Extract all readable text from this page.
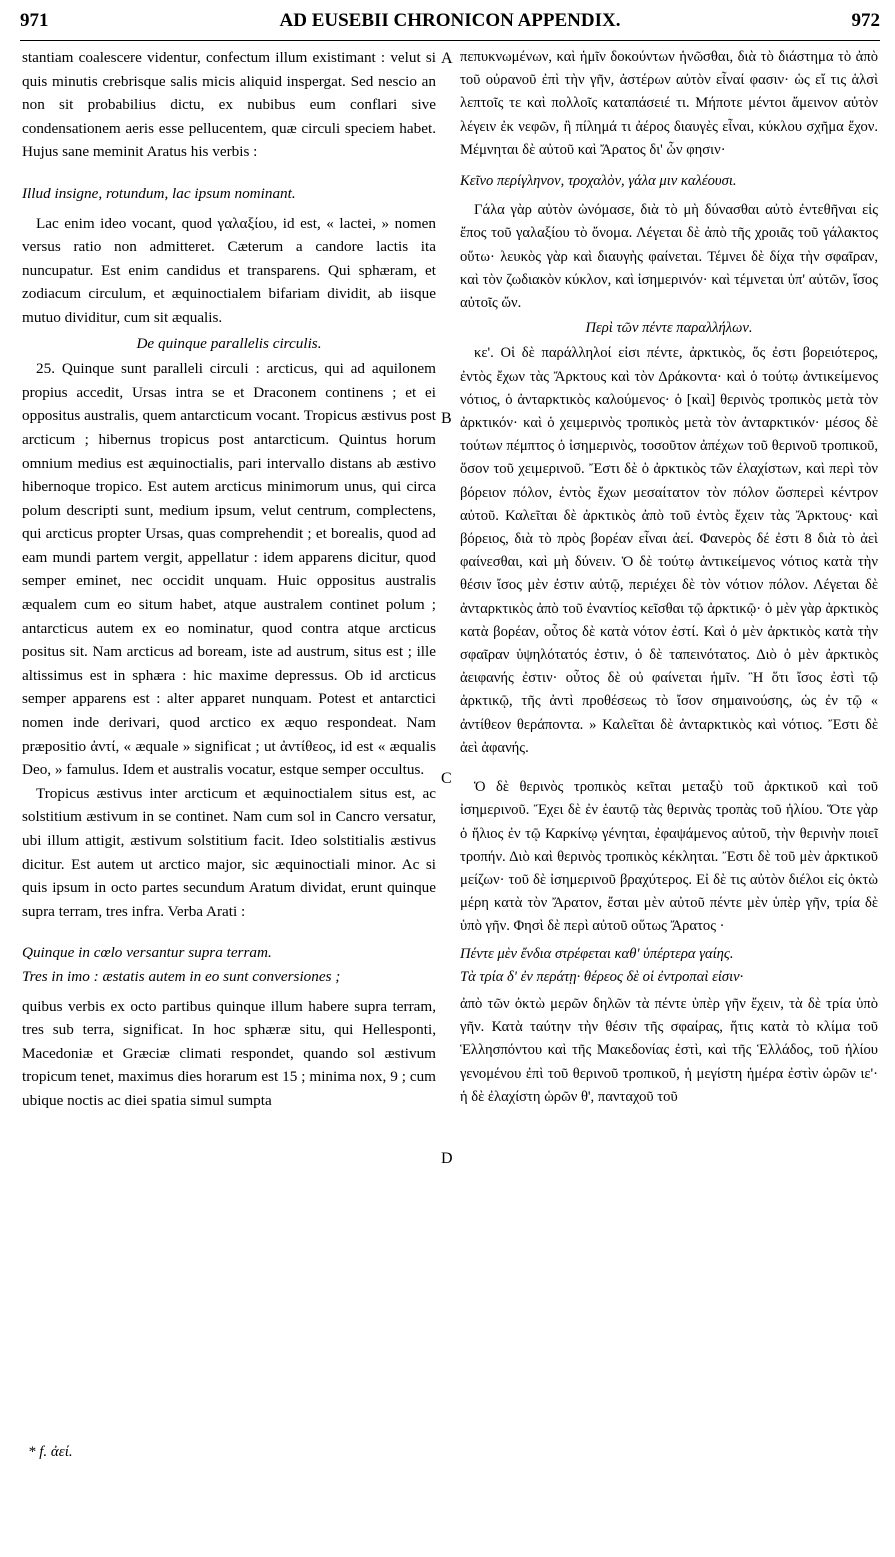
971	AD EUSEBII CHRONICON APPENDIX.	972
A
B
C
D

stantiam coalescere videntur, confectum illum existimant : velut si quis minutis crebrisque salis micis aliquid inspergat. Sed nescio an non sit probabilius dictu, ex nubibus eum conflari sive condensationem aeris esse pellucentem, quæ circuli speciem habet. Hujus sane meminit Aratus his verbis :

Illud insigne, rotundum, lac ipsum nominant.

Lac enim ideo vocant, quod γαλαξίου, id est, « lactei, » nomen versus ratio non admitteret. Cæterum a candore lactis ita nuncupatur. Est enim candidus et transparens. Qui sphæram, et zodiacum circulum, et æquinoctialem bifariam dividit, ab iisque mutuo dividitur, cum sit æqualis.

De quinque parallelis circulis.

25. Quinque sunt paralleli circuli : arcticus, qui ad aquilonem propius accedit, Ursas intra se et Draconem continens ; et ei oppositus australis, quem antarcticum vocant. Tropicus æstivus post arcticum ; hibernus tropicus post antarcticum. Quintus horum omnium medius est æquinoctialis, pari intervallo distans ab æstivo hibernoque tropico. Est autem arcticus minimorum unus, qui circa polum descripti sunt, medium ipsum, velut centrum, complectens, qui arcticus propter Ursas, quas comprehendit ; et borealis, quod ad eam mundi partem vergit, appellatur : idem apparens dicitur, quod semper eminet, nec occidit unquam. Huic oppositus australis æqualem cum eo situm habet, atque australem continet polum ; antarcticus autem ex eo nominatur, quod contra atque arcticus positus sit. Nam arcticus ad boream, iste ad austrum, situs est ; ille altissimus est in sphæra : hic maxime depressus. Ob id arcticus semper apparens est : alter apparet nunquam. Potest et antarctici nomen inde derivari, quod arctico ex æquo respondeat. Nam præpositio ἀντί, « æquale » significat ; ut ἀντίθεος, id est « æqualis Deo, » famulus. Idem et australis vocatur, estque semper occultus.

Tropicus æstivus inter arcticum et æquinoctialem situs est, ac solstitium æstivum in se continet. Nam cum sol in Cancro versatur, ubi illum attigit, æstivum solstitium facit. Ideo solstitialis æstivus dicitur. Est autem ut arctico major, sic æquinoctiali minor. Ac si quis ipsum in octo partes secundum Aratum dividat, erunt quinque supra terram, tres infra. Verba Arati :

Quinque in cœlo versantur supra terram.
Tres in imo : æstatis autem in eo sunt conversiones ;

quibus verbis ex octo partibus quinque illum habere supra terram, tres sub terra, significat. In hoc sphæræ situ, qui Hellesponti, Macedoniæ et Græciæ climati respondet, quando sol æstivum tropicum tenet, maximus dies horarum est 15 ; minima nox, 9 ; cum ubique noctis ac diei spatia simul sumpta

πεπυκνωμένων, καὶ ἡμῖν δοκούντων ἡνῶσθαι, διὰ τὸ διάστημα τὸ ἀπὸ τοῦ οὐρανοῦ ἐπὶ τὴν γῆν, ἀστέρων αὐτὸν εἶναί φασιν· ὡς εἴ τις ἁλσὶ λεπτοῖς τε καὶ πολλοῖς καταπάσειέ τι. Μήποτε μέντοι ἄμεινον αὐτὸν λέγειν ἐκ νεφῶν, ἢ πίλημά τι ἀέρος διαυγὲς εἶναι, κύκλου σχῆμα ἔχον. Μέμνηται δὲ αὐτοῦ καὶ Ἄρατος δι' ὧν φησιν·

Κεῖνο περίγληνον, τροχαλὸν, γάλα μιν καλέουσι.

Γάλα γὰρ αὐτὸν ὠνόμασε, διὰ τὸ μὴ δύνασθαι αὐτὸ ἐντεθῆναι εἰς ἔπος τοῦ γαλαξίου τὸ ὄνομα. Λέγεται δὲ ἀπὸ τῆς χροιᾶς τοῦ γάλακτος οὕτω· λευκὸς γὰρ καὶ διαυγὴς φαίνεται. Τέμνει δὲ δίχα τὴν σφαῖραν, καὶ τὸν ζωδιακὸν κύκλον, καὶ ἰσημερινόν· καὶ τέμνεται ὑπ' αὐτῶν, ἴσος αὐτοῖς ὤν.

Περὶ τῶν πέντε παραλλήλων.

κε'. Οἱ δὲ παράλληλοί εἰσι πέντε, ἀρκτικὸς, ὅς ἐστι βορειότερος, ἐντὸς ἔχων τὰς Ἄρκτους καὶ τὸν Δράκοντα· καὶ ὁ τούτῳ ἀντικείμενος νότιος, ὁ ἀνταρκτικὸς καλούμενος· ὁ [καὶ] θερινὸς τροπικὸς μετὰ τὸν ἀρκτικόν· καὶ ὁ χειμερινὸς τροπικὸς μετὰ τὸν ἀνταρκτικόν· μέσος δὲ τούτων πέμπτος ὁ ἰσημερινὸς, τοσοῦτον ἀπέχων τοῦ θερινοῦ τροπικοῦ, ὅσον τοῦ χειμερινοῦ. Ἔστι δὲ ὁ ἀρκτικὸς τῶν ἐλαχίστων, καὶ περὶ τὸν βόρειον πόλον, ἐντὸς ἔχων μεσαίτατον τὸν πόλον ὥσπερεὶ κέντρον αὐτοῦ. Καλεῖται δὲ ἀρκτικὸς ἀπὸ τοῦ ἐντὸς ἔχειν τὰς Ἄρκτους· καὶ βόρειος, διὰ τὸ πρὸς βορέαν εἶναι ἀεί. Φανερὸς δέ ἐστι 8 διὰ τὸ ἀεὶ φαίνεσθαι, καὶ μὴ δύνειν. Ὁ δὲ τούτῳ ἀντικείμενος νότιος κατὰ τὴν θέσιν ἴσος μὲν ἐστιν αὐτῷ, περιέχει δὲ τὸν νότιον πόλον. Λέγεται δὲ ἀνταρκτικὸς ἀπὸ τοῦ ἐναντίος κεῖσθαι τῷ ἀρκτικῷ· ὁ μὲν γὰρ ἀρκτικὸς κατὰ βορέαν, οὗτος δὲ κατὰ νότον ἐστί. Καὶ ὁ μὲν ἀρκτικὸς κατὰ τὴν σφαῖραν ὑψηλότατός ἐστιν, ὁ δὲ ταπεινότατος. Διὸ ὁ μὲν ἀρκτικὸς ἀειφανής ἐστιν· οὗτος δὲ οὐ φαίνεται ἡμῖν. Ἢ ὅτι ἴσος ἐστὶ τῷ ἀρκτικῷ, τῆς ἀντὶ προθέσεως τὸ ἴσον σημαινούσης, ὡς ἐν τῷ « ἀντίθεον θεράποντα. » Καλεῖται δὲ ἀνταρκτικὸς καὶ νότιος. Ἔστι δὲ ἀεὶ ἀφανής.

Ὁ δὲ θερινὸς τροπικὸς κεῖται μεταξὺ τοῦ ἀρκτικοῦ καὶ τοῦ ἰσημερινοῦ. Ἔχει δὲ ἐν ἑαυτῷ τὰς θερινὰς τροπὰς τοῦ ἡλίου. Ὅτε γὰρ ὁ ἥλιος ἐν τῷ Καρκίνῳ γένηται, ἐφαψάμενος αὐτοῦ, τὴν θερινὴν ποιεῖ τροπήν. Διὸ καὶ θερινὸς τροπικὸς κέκληται. Ἔστι δὲ τοῦ μὲν ἀρκτικοῦ μείζων· τοῦ δὲ ἰσημερινοῦ βραχύτερος. Εἰ δὲ τις αὐτὸν διέλοι εἰς ὀκτὼ μέρη κατὰ τὸν Ἄρατον, ἔσται μὲν αὐτοῦ πέντε μὲν ὑπὲρ γῆν, τρία δὲ ὑπὸ γῆν. Φησὶ δὲ περὶ αὐτοῦ οὕτως Ἄρατος ·

Πέντε μὲν ἔνδια στρέφεται καθ' ὑπέρτερα γαίης.
Τὰ τρία δ' ἐν περάτῃ· θέρεος δὲ οἱ ἐντροπαὶ εἰσιν·

ἀπὸ τῶν ὀκτὼ μερῶν δηλῶν τὰ πέντε ὑπὲρ γῆν ἔχειν, τὰ δὲ τρία ὑπὸ γῆν. Κατὰ ταύτην τὴν θέσιν τῆς σφαίρας, ἥτις κατὰ τὸ κλίμα τοῦ Ἑλλησπόντου καὶ τῆς Μακεδονίας ἐστὶ, καὶ τῆς Ἑλλάδος, τοῦ ἡλίου γενομένου ἐπὶ τοῦ θερινοῦ τροπικοῦ, ἡ μεγίστη ἡμέρα ἐστὶν ὡρῶν ιε'· ἡ δὲ ἐλαχίστη ὡρῶν θ', πανταχοῦ τοῦ

* f. ἀεί.
